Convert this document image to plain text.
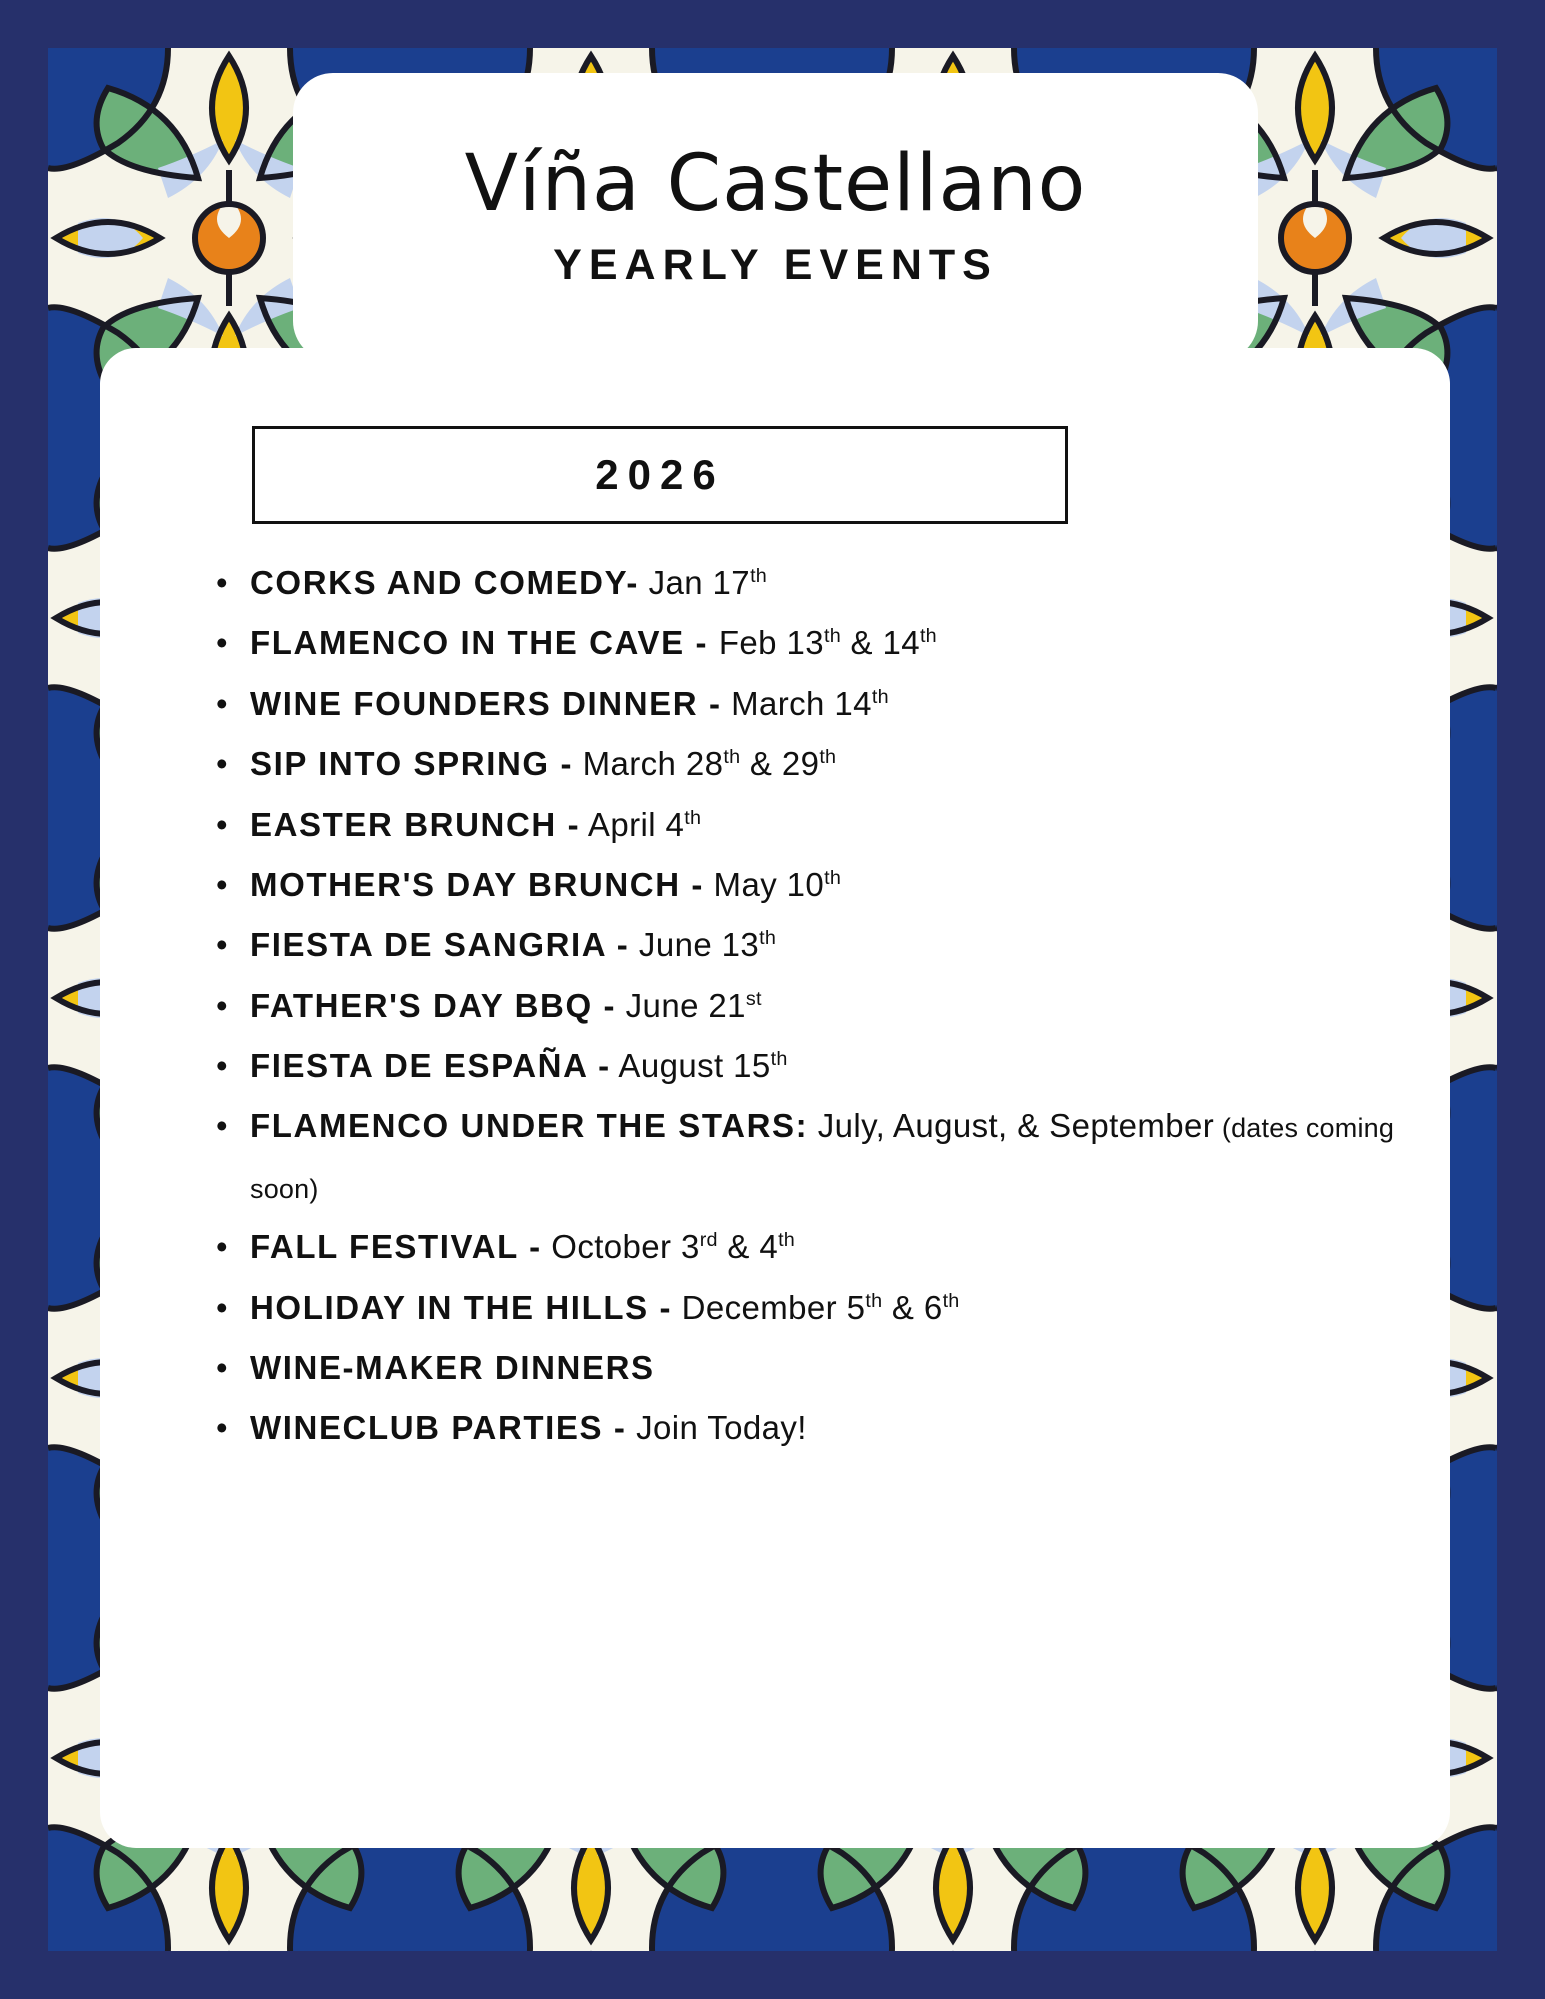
Víña Castellano
YEARLY EVENTS
2026
• CORKS AND COMEDY- Jan 17th
• FLAMENCO IN THE CAVE - Feb 13th & 14th
• WINE FOUNDERS DINNER - March 14th
• SIP INTO SPRING - March 28th & 29th
• EASTER BRUNCH - April 4th
• MOTHER'S DAY BRUNCH - May 10th
• FIESTA DE SANGRIA - June 13th
• FATHER'S DAY BBQ - June 21st
• FIESTA DE ESPAÑA - August 15th
• FLAMENCO UNDER THE STARS: July, August, & September (dates coming soon)
• FALL FESTIVAL - October 3rd & 4th
• HOLIDAY IN THE HILLS - December 5th & 6th
• WINE-MAKER DINNERS
• WINECLUB PARTIES - Join Today!
